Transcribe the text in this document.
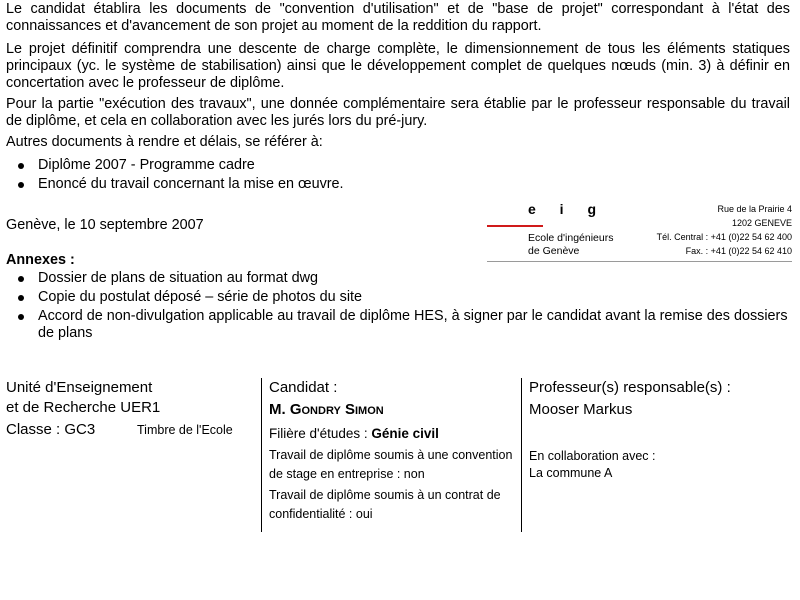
Le candidat établira les documents de "convention d'utilisation" et de "base de projet" correspondant à l'état des connaissances et d'avancement de son projet au moment de la reddition du rapport.

Le projet définitif comprendra une descente de charge complète, le dimensionnement de tous les éléments statiques principaux (yc. le système de stabilisation) ainsi que le développement complet de quelques nœuds (min. 3) à définir en concertation avec le professeur de diplôme.

Pour la partie "exécution des travaux", une donnée complémentaire sera établie par le professeur responsable du travail de diplôme, et cela en collaboration avec les jurés lors du pré-jury.

Autres documents à rendre et délais, se référer à:
Diplôme 2007 - Programme cadre
Enoncé du travail concernant la mise en œuvre.
Genève, le 10 septembre 2007
e i g
Ecole d'ingénieurs
de Genève
Rue de la Prairie 4
1202 GENEVE
Tél. Central : +41 (0)22 54 62 400
Fax. : +41 (0)22 54 62 410
Annexes :
Dossier de plans de situation au format dwg
Copie du postulat déposé – série de photos du site
Accord de non-divulgation applicable au travail de diplôme HES, à signer par le candidat avant la remise des dossiers de plans
Unité d'Enseignement
et de Recherche UER1
Classe : GC3	Timbre de l'Ecole
Candidat :
M. Gondry Simon
Filière d'études : Génie civil
Travail de diplôme soumis à une convention de stage en entreprise : non
Travail de diplôme soumis à un contrat de confidentialité : oui
Professeur(s) responsable(s) :
Mooser Markus
En collaboration avec :
La commune A
